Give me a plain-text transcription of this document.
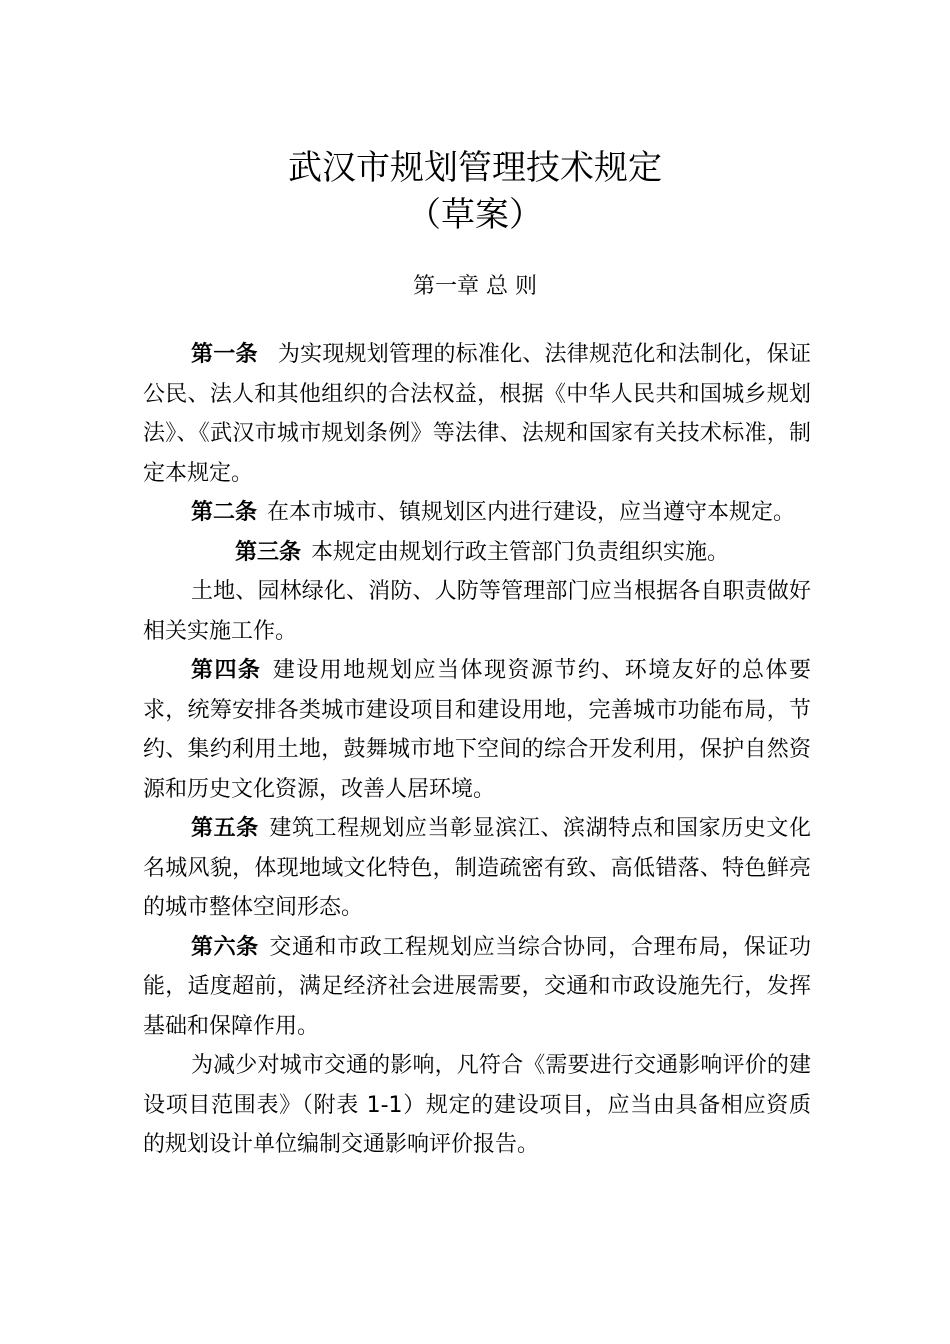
武汉市规划管理技术规定
（草案）
第一章 总 则

第一条 为实现规划管理的标准化、法律规范化和法制化，保证公民、法人和其他组织的合法权益，根据《中华人民共和国城乡规划法》、《武汉市城市规划条例》等法律、法规和国家有关技术标准，制定本规定。

第二条 在本市城市、镇规划区内进行建设，应当遵守本规定。

第三条 本规定由规划行政主管部门负责组织实施。

土地、园林绿化、消防、人防等管理部门应当根据各自职责做好相关实施工作。

第四条 建设用地规划应当体现资源节约、环境友好的总体要求，统筹安排各类城市建设项目和建设用地，完善城市功能布局，节约、集约利用土地，鼓舞城市地下空间的综合开发利用，保护自然资源和历史文化资源，改善人居环境。

第五条 建筑工程规划应当彰显滨江、滨湖特点和国家历史文化名城风貌，体现地域文化特色，制造疏密有致、高低错落、特色鲜亮的城市整体空间形态。

第六条 交通和市政工程规划应当综合协同，合理布局，保证功能，适度超前，满足经济社会进展需要，交通和市政设施先行，发挥基础和保障作用。

为减少对城市交通的影响，凡符合《需要进行交通影响评价的建设项目范围表》（附表 1-1）规定的建设项目，应当由具备相应资质的规划设计单位编制交通影响评价报告。
